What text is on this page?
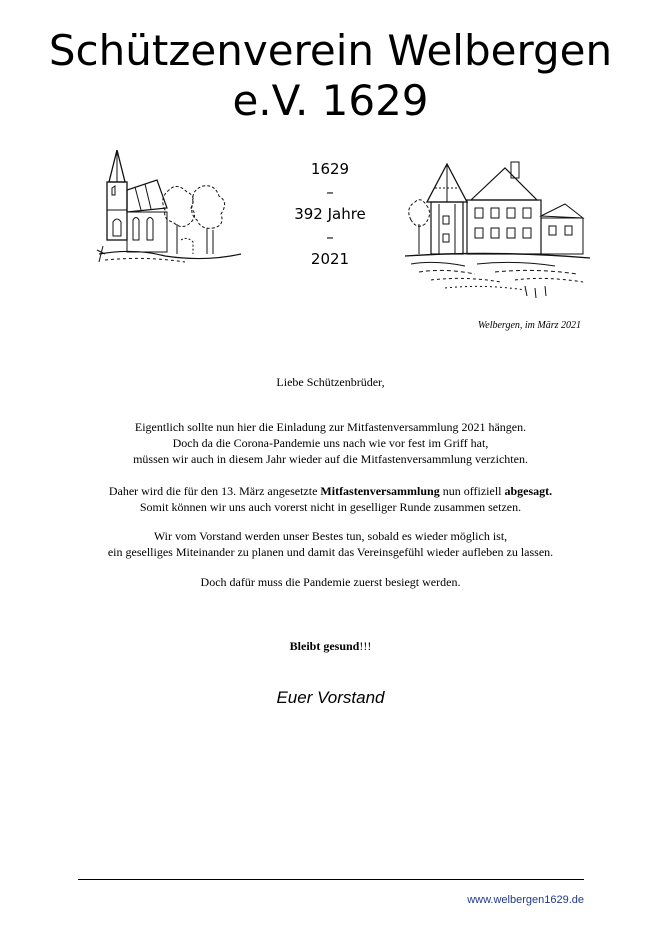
Schützenverein Welbergen
e.V. 1629
1629
–
392 Jahre
–
2021
Welbergen, im März 2021

Liebe Schützenbrüder,

Eigentlich sollte nun hier die Einladung zur Mitfastenversammlung 2021 hängen.

Doch da die Corona-Pandemie uns nach wie vor fest im Griff hat,

müssen wir auch in diesem Jahr wieder auf die Mitfastenversammlung verzichten.

Daher wird die für den 13. März angesetzte Mitfastenversammlung nun offiziell abgesagt.

Somit können wir uns auch vorerst nicht in geselliger Runde zusammen setzen.

Wir vom Vorstand werden unser Bestes tun, sobald es wieder möglich ist,

ein geselliges Miteinander zu planen und damit das Vereinsgefühl wieder aufleben zu lassen.

Doch dafür muss die Pandemie zuerst besiegt werden.

Bleibt gesund!!!

Euer Vorstand
www.welbergen1629.de
